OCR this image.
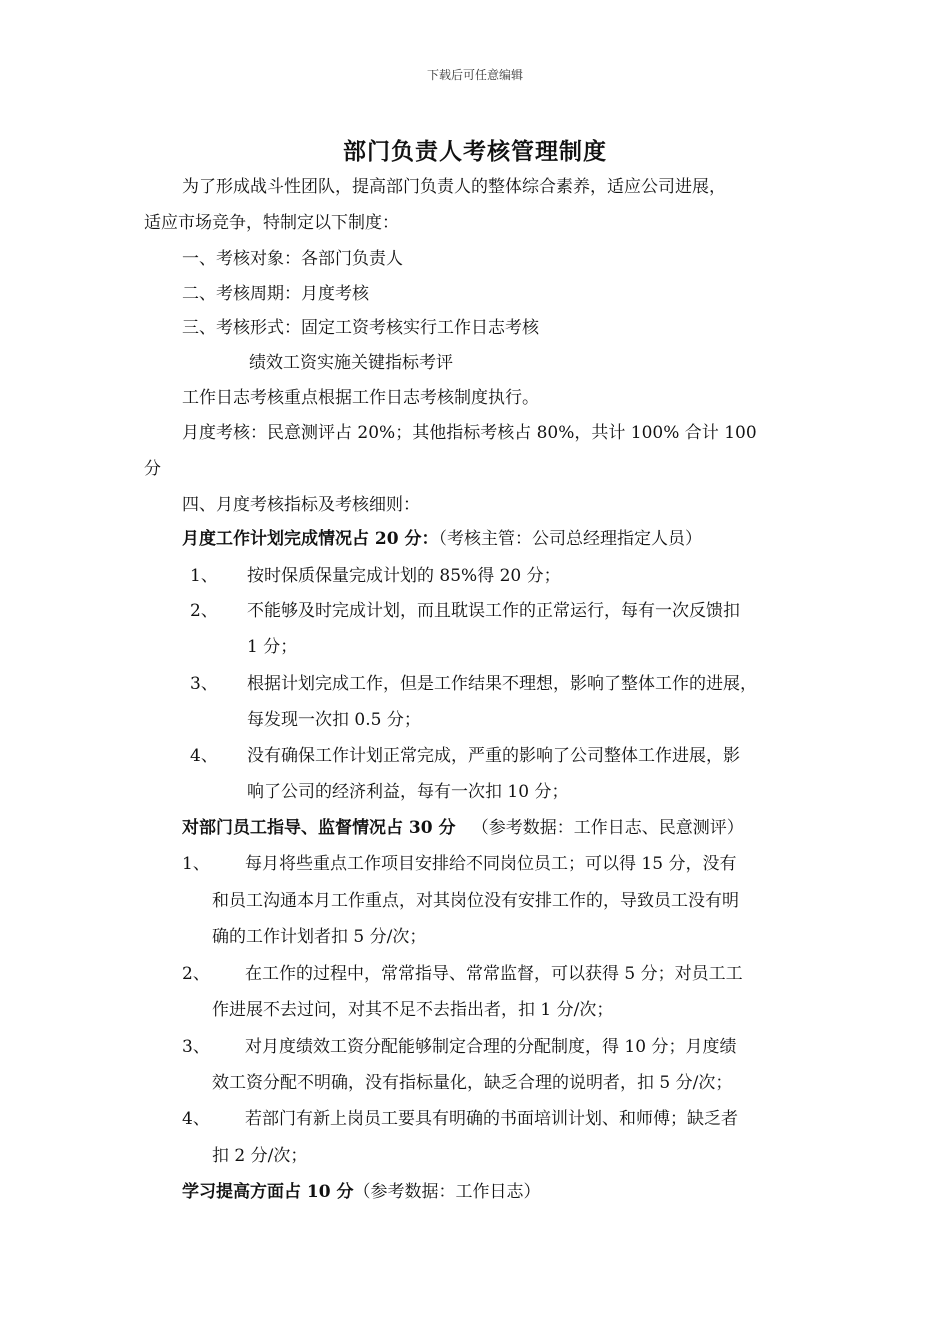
下载后可任意编辑
部门负责人考核管理制度
为了形成战斗性团队，提高部门负责人的整体综合素养，适应公司进展，
适应市场竞争，特制定以下制度：
一、考核对象：各部门负责人
二、考核周期：月度考核
三、考核形式：固定工资考核实行工作日志考核
绩效工资实施关键指标考评
工作日志考核重点根据工作日志考核制度执行。
月度考核：民意测评占 20%；其他指标考核占 80%，共计 100% 合计 100
分
四、月度考核指标及考核细则：
月度工作计划完成情况占 20 分：（考核主管：公司总经理指定人员）
1、 按时保质保量完成计划的 85%得 20 分；
2、 不能够及时完成计划，而且耽误工作的正常运行，每有一次反馈扣
1 分；
3、 根据计划完成工作，但是工作结果不理想，影响了整体工作的进展，
每发现一次扣 0.5 分；
4、 没有确保工作计划正常完成，严重的影响了公司整体工作进展，影
响了公司的经济利益，每有一次扣 10 分；
对部门员工指导、监督情况占 30 分 （参考数据：工作日志、民意测评）
1、 每月将些重点工作项目安排给不同岗位员工；可以得 15 分，没有
和员工沟通本月工作重点，对其岗位没有安排工作的，导致员工没有明
确的工作计划者扣 5 分/次；
2、 在工作的过程中，常常指导、常常监督，可以获得 5 分；对员工工
作进展不去过问，对其不足不去指出者，扣 1 分/次；
3、 对月度绩效工资分配能够制定合理的分配制度，得 10 分；月度绩
效工资分配不明确，没有指标量化，缺乏合理的说明者，扣 5 分/次；
4、 若部门有新上岗员工要具有明确的书面培训计划、和师傅；缺乏者
扣 2 分/次；
学习提高方面占 10 分（参考数据：工作日志）
